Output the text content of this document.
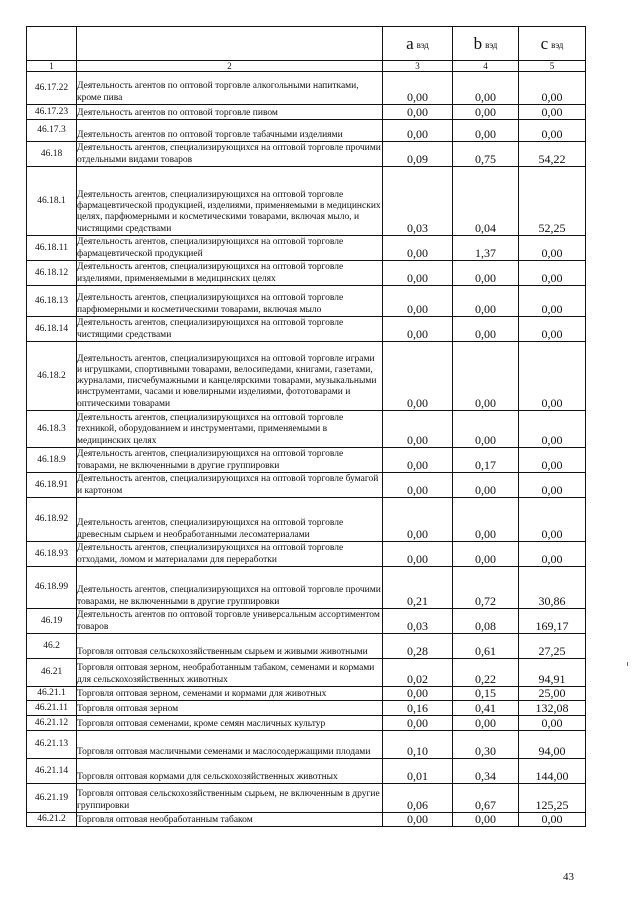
		a вэд	b вэд	c вэд
1	2	3	4	5
46.17.22	Деятельность агентов по оптовой торговле алкогольными напитками, кроме пива	0,00	0,00	0,00
46.17.23	Деятельность агентов по оптовой торговле пивом	0,00	0,00	0,00
46.17.3	Деятельность агентов по оптовой торговле табачными изделиями	0,00	0,00	0,00
46.18	Деятельность агентов, специализирующихся на оптовой торговле прочими отдельными видами товаров	0,09	0,75	54,22
46.18.1	Деятельность агентов, специализирующихся на оптовой торговле фармацевтической продукцией, изделиями, применяемыми в медицинских целях, парфюмерными и косметическими товарами, включая мыло, и чистящими средствами	0,03	0,04	52,25
46.18.11	Деятельность агентов, специализирующихся на оптовой торговле фармацевтической продукцией	0,00	1,37	0,00
46.18.12	Деятельность агентов, специализирующихся на оптовой торговле изделиями, применяемыми в медицинских целях	0,00	0,00	0,00
46.18.13	Деятельность агентов, специализирующихся на оптовой торговле парфюмерными и косметическими товарами, включая мыло	0,00	0,00	0,00
46.18.14	Деятельность агентов, специализирующихся на оптовой торговле чистящими средствами	0,00	0,00	0,00
46.18.2	Деятельность агентов, специализирующихся на оптовой торговле играми и игрушками, спортивными товарами, велосипедами, книгами, газетами, журналами, писчебумажными и канцелярскими товарами, музыкальными инструментами, часами и ювелирными изделиями, фототоварами и оптическими товарами	0,00	0,00	0,00
46.18.3	Деятельность агентов, специализирующихся на оптовой торговле техникой, оборудованием и инструментами, применяемыми в медицинских целях	0,00	0,00	0,00
46.18.9	Деятельность агентов, специализирующихся на оптовой торговле товарами, не включенными в другие группировки	0,00	0,17	0,00
46.18.91	Деятельность агентов, специализирующихся на оптовой торговле бумагой и картоном	0,00	0,00	0,00
46.18.92	Деятельность агентов, специализирующихся на оптовой торговле древесным сырьем и необработанными лесоматериалами	0,00	0,00	0,00
46.18.93	Деятельность агентов, специализирующихся на оптовой торговле отходами, ломом и материалами для переработки	0,00	0,00	0,00
46.18.99	Деятельность агентов, специализирующихся на оптовой торговле прочими товарами, не включенными в другие группировки	0,21	0,72	30,86
46.19	Деятельность агентов по оптовой торговле универсальным ассортиментом товаров	0,03	0,08	169,17
46.2	Торговля оптовая сельскохозяйственным сырьем и живыми животными	0,28	0,61	27,25
46.21	Торговля оптовая зерном, необработанным табаком, семенами и кормами для сельскохозяйственных животных	0,02	0,22	94,91
46.21.1	Торговля оптовая зерном, семенами и кормами для животных	0,00	0,15	25,00
46.21.11	Торговля оптовая зерном	0,16	0,41	132,08
46.21.12	Торговля оптовая семенами, кроме семян масличных культур	0,00	0,00	0,00
46.21.13	Торговля оптовая масличными семенами и маслосодержащими плодами	0,10	0,30	94,00
46.21.14	Торговля оптовая кормами для сельскохозяйственных животных	0,01	0,34	144,00
46.21.19	Торговля оптовая сельскохозяйственным сырьем, не включенным в другие группировки	0,06	0,67	125,25
46.21.2	Торговля оптовая необработанным табаком	0,00	0,00	0,00
43
